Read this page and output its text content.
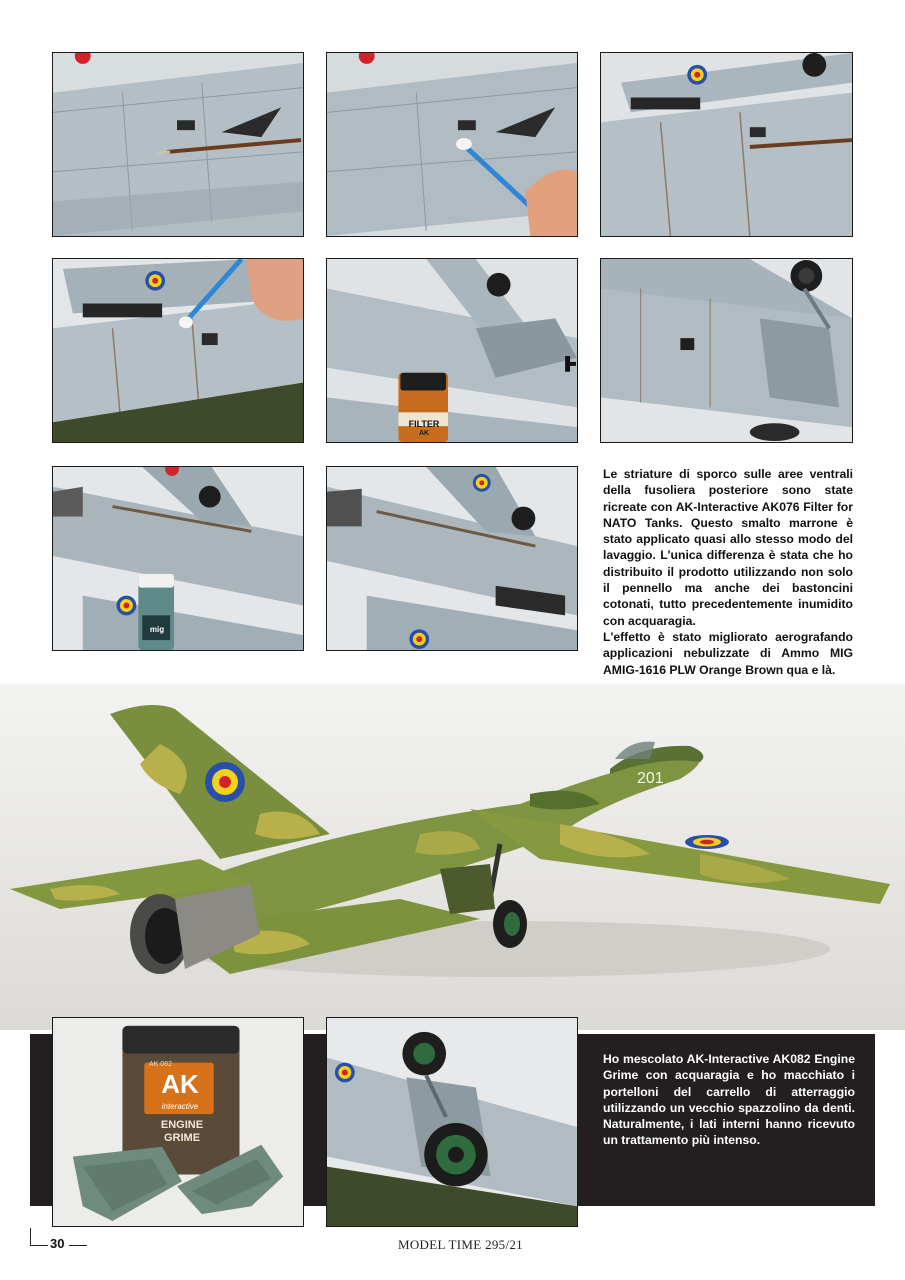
FILTER
AK
mig

Le striature di sporco sulle aree ventrali della fusoliera posteriore sono state ricreate con AK-Interactive AK076 Filter for NATO Tanks. Questo smalto marrone è stato applicato quasi allo stesso modo del lavaggio. L'unica differenza è stata che ho distribuito il prodotto utilizzando non solo il pennello ma anche dei bastoncini cotonati, tutto precedentemente inumidito con acquaragia.

L'effetto è stato migliorato aerografando applicazioni nebulizzate di Ammo MIG AMIG-1616 PLW Orange Brown qua e là.

201
AK 082
AK
interactive
ENGINE
GRIME
Ho mescolato AK-Interactive AK082 Engine Grime con acquaragia e ho macchiato i portelloni del carrello di atterraggio utilizzando un vecchio spazzolino da denti. Naturalmente, i lati interni hanno ricevuto un trattamento più intenso.
30	MODEL TIME 295/21
